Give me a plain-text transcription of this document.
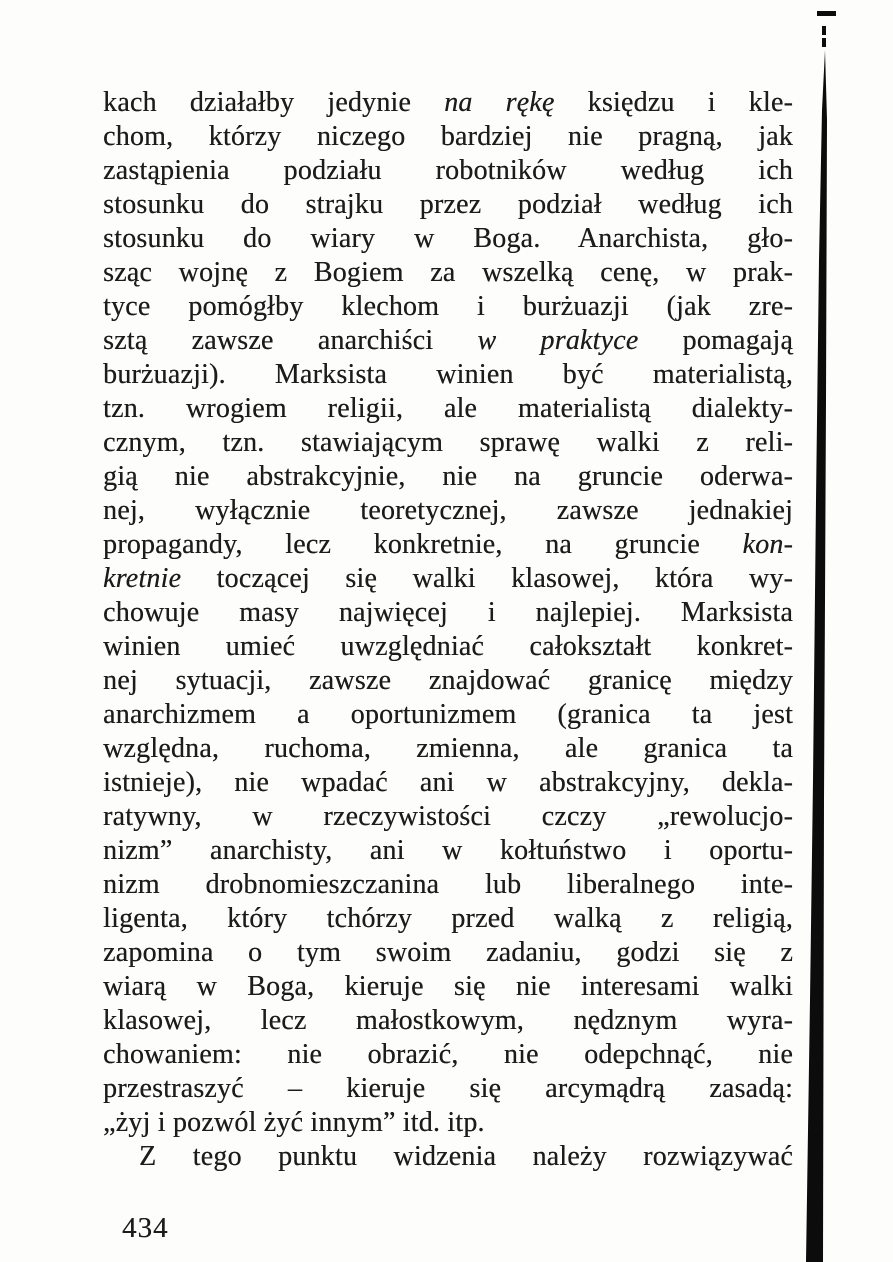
kach działałby jedynie na rękę księdzu i kle-
chom, którzy niczego bardziej nie pragną, jak
zastąpienia podziału robotników według ich
stosunku do strajku przez podział według ich
stosunku do wiary w Boga. Anarchista, gło-
sząc wojnę z Bogiem za wszelką cenę, w prak-
tyce pomógłby klechom i burżuazji (jak zre-
sztą zawsze anarchiści w praktyce pomagają
burżuazji). Marksista winien być materialistą,
tzn. wrogiem religii, ale materialistą dialekty-
cznym, tzn. stawiającym sprawę walki z reli-
gią nie abstrakcyjnie, nie na gruncie oderwa-
nej, wyłącznie teoretycznej, zawsze jednakiej
propagandy, lecz konkretnie, na gruncie kon-
kretnie toczącej się walki klasowej, która wy-
chowuje masy najwięcej i najlepiej. Marksista
winien umieć uwzględniać całokształt konkret-
nej sytuacji, zawsze znajdować granicę między
anarchizmem a oportunizmem (granica ta jest
względna, ruchoma, zmienna, ale granica ta
istnieje), nie wpadać ani w abstrakcyjny, dekla-
ratywny, w rzeczywistości czczy „rewolucjo-
nizm” anarchisty, ani w kołtuństwo i oportu-
nizm drobnomieszczanina lub liberalnego inte-
ligenta, który tchórzy przed walką z religią,
zapomina o tym swoim zadaniu, godzi się z
wiarą w Boga, kieruje się nie interesami walki
klasowej, lecz małostkowym, nędznym wyra-
chowaniem: nie obrazić, nie odepchnąć, nie
przestraszyć – kieruje się arcymądrą zasadą:
„żyj i pozwól żyć innym” itd. itp.
Z tego punktu widzenia należy rozwiązywać
434
